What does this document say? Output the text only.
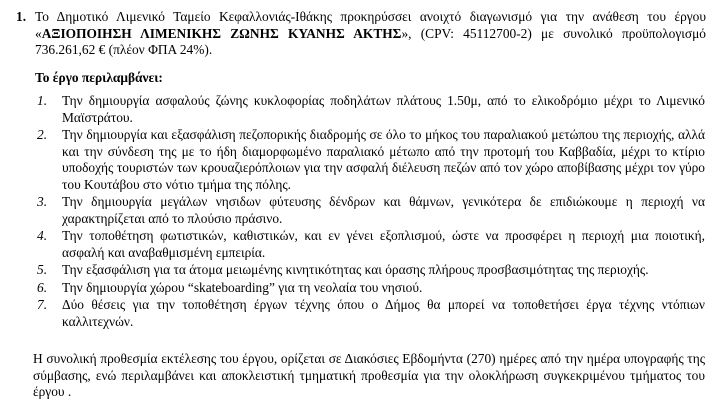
1. Το Δημοτικό Λιμενικό Ταμείο Κεφαλλονιάς-Ιθάκης προκηρύσσει ανοιχτό διαγωνισμό για την ανάθεση του έργου «ΑΞΙΟΠΟΙΗΣΗ ΛΙΜΕΝΙΚΗΣ ΖΩΝΗΣ ΚΥΑΝΗΣ ΑΚΤΗΣ», (CPV: 45112700-2) με συνολικό προϋπολογισμό 736.261,62 € (πλέον ΦΠΑ 24%).
Το έργο περιλαμβάνει:
1. Την δημιουργία ασφαλούς ζώνης κυκλοφορίας ποδηλάτων πλάτους 1.50μ, από το ελικοδρόμιο μέχρι το Λιμενικό Μαϊστράτου.
2. Την δημιουργία και εξασφάλιση πεζοπορικής διαδρομής σε όλο το μήκος του παραλιακού μετώπου της περιοχής, αλλά και την σύνδεση της με το ήδη διαμορφωμένο παραλιακό μέτωπο από την προτομή του Καββαδία, μέχρι το κτίριο υποδοχής τουριστών των κρουαζιερόπλοιων για την ασφαλή διέλευση πεζών από τον χώρο αποβίβασης μέχρι τον γύρο του Κουτάβου στο νότιο τμήμα της πόλης.
3. Την δημιουργία μεγάλων νησιδων φύτευσης δένδρων και θάμνων, γενικότερα δε επιδιώκουμε η περιοχή να χαρακτηρίζεται από το πλούσιο πράσινο.
4. Την τοποθέτηση φωτιστικών, καθιστικών, και εν γένει εξοπλισμού, ώστε να προσφέρει η περιοχή μια ποιοτική, ασφαλή και αναβαθμισμένη εμπειρία.
5. Την εξασφάλιση για τα άτομα μειωμένης κινητικότητας και όρασης πλήρους προσβασιμότητας της περιοχής.
6. Την δημιουργία χώρου “skateboarding” για τη νεολαία του νησιού.
7. Δύο θέσεις για την τοποθέτηση έργων τέχνης όπου ο Δήμος θα μπορεί να τοποθετήσει έργα τέχνης ντόπιων καλλιτεχνών.
Η συνολική προθεσμία εκτέλεσης του έργου, ορίζεται σε Διακόσιες Εβδομήντα (270) ημέρες από την ημέρα υπογραφής της σύμβασης, ενώ περιλαμβάνει και αποκλειστική τμηματική προθεσμία για την ολοκλήρωση συγκεκριμένου τμήματος του έργου .
